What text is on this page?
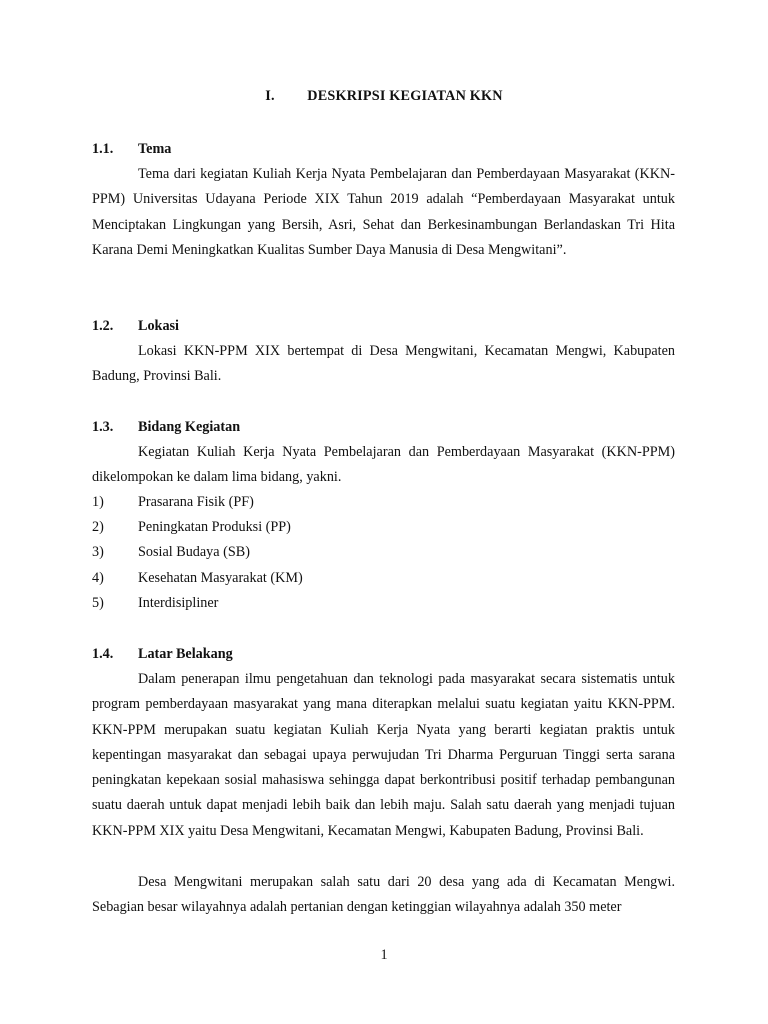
I. DESKRIPSI KEGIATAN KKN
1.1. Tema

Tema dari kegiatan Kuliah Kerja Nyata Pembelajaran dan Pemberdayaan Masyarakat (KKN-PPM) Universitas Udayana Periode XIX Tahun 2019 adalah “Pemberdayaan Masyarakat untuk Menciptakan Lingkungan yang Bersih, Asri, Sehat dan Berkesinambungan Berlandaskan Tri Hita Karana Demi Meningkatkan Kualitas Sumber Daya Manusia di Desa Mengwitani”.

1.2. Lokasi

Lokasi KKN-PPM XIX bertempat di Desa Mengwitani, Kecamatan Mengwi, Kabupaten Badung, Provinsi Bali.

1.3. Bidang Kegiatan

Kegiatan Kuliah Kerja Nyata Pembelajaran dan Pemberdayaan Masyarakat (KKN-PPM) dikelompokan ke dalam lima bidang, yakni.

1) Prasarana Fisik (PF)
2) Peningkatan Produksi (PP)
3) Sosial Budaya (SB)
4) Kesehatan Masyarakat (KM)
5) Interdisipliner
1.4. Latar Belakang

Dalam penerapan ilmu pengetahuan dan teknologi pada masyarakat secara sistematis untuk program pemberdayaan masyarakat yang mana diterapkan melalui suatu kegiatan yaitu KKN-PPM. KKN-PPM merupakan suatu kegiatan Kuliah Kerja Nyata yang berarti kegiatan praktis untuk kepentingan masyarakat dan sebagai upaya perwujudan Tri Dharma Perguruan Tinggi serta sarana peningkatan kepekaan sosial mahasiswa sehingga dapat berkontribusi positif terhadap pembangunan suatu daerah untuk dapat menjadi lebih baik dan lebih maju. Salah satu daerah yang menjadi tujuan KKN-PPM XIX yaitu Desa Mengwitani, Kecamatan Mengwi, Kabupaten Badung, Provinsi Bali.

Desa Mengwitani merupakan salah satu dari 20 desa yang ada di Kecamatan Mengwi. Sebagian besar wilayahnya adalah pertanian dengan ketinggian wilayahnya adalah 350 meter

1
